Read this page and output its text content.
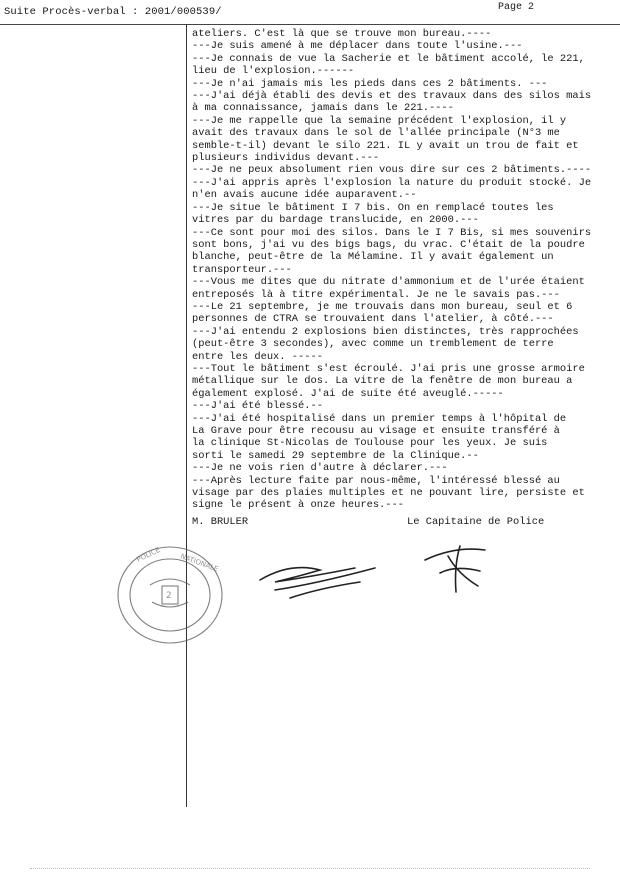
Suite Procès-verbal : 2001/000539/	Page 2
ateliers. C'est là que se trouve mon bureau.----
---Je suis amené à me déplacer dans toute l'usine.---
---Je connais de vue la Sacherie et le bâtiment accolé, le 221,
lieu de l'explosion.------
---Je n'ai jamais mis les pieds dans ces 2 bâtiments. ---
---J'ai déjà établi des devis et des travaux dans des silos mais
à ma connaissance, jamais dans le 221.----
---Je me rappelle que la semaine précédent l'explosion, il y
avait des travaux dans le sol de l'allée principale (N°3 me
semble-t-il) devant le silo 221. IL y avait un trou de fait et
plusieurs individus devant.---
---Je ne peux absolument rien vous dire sur ces 2 bâtiments.----
---J'ai appris après l'explosion la nature du produit stocké. Je
n'en avais aucune idée auparavent.--
---Je situe le bâtiment I 7 bis. On en remplacé toutes les
vitres par du bardage translucide, en 2000.---
---Ce sont pour moi des silos. Dans le I 7 Bis, si mes souvenirs
sont bons, j'ai vu des bigs bags, du vrac. C'était de la poudre
blanche, peut-être de la Mélamine. Il y avait également un
transporteur.---
---Vous me dites que du nitrate d'ammonium et de l'urée étaient
entreposés là à titre expérimental. Je ne le savais pas.---
---Le 21 septembre, je me trouvais dans mon bureau, seul et 6
personnes de CTRA se trouvaient dans l'atelier, à côté.---
---J'ai entendu 2 explosions bien distinctes, très rapprochées
(peut-être 3 secondes), avec comme un tremblement de terre
entre les deux. -----
---Tout le bâtiment s'est écroulé. J'ai pris une grosse armoire
métallique sur le dos. La vitre de la fenêtre de mon bureau a
également explosé. J'ai de suite été aveuglé.-----
---J'ai été blessé.--
---J'ai été hospitalisé dans un premier temps à l'hôpital de
La Grave pour être recousu au visage et ensuite transféré à
la clinique St-Nicolas de Toulouse pour les yeux. Je suis
sorti le samedi 29 septembre de la Clinique.--
---Je ne vois rien d'autre à déclarer.---
---Après lecture faite par nous-même, l'intéressé blessé au
visage par des plaies multiples et ne pouvant lire, persiste et
signe le présent à onze heures.---
M. BRULER	Le Capitaine de Police
POLICE	NATIONALE
2
